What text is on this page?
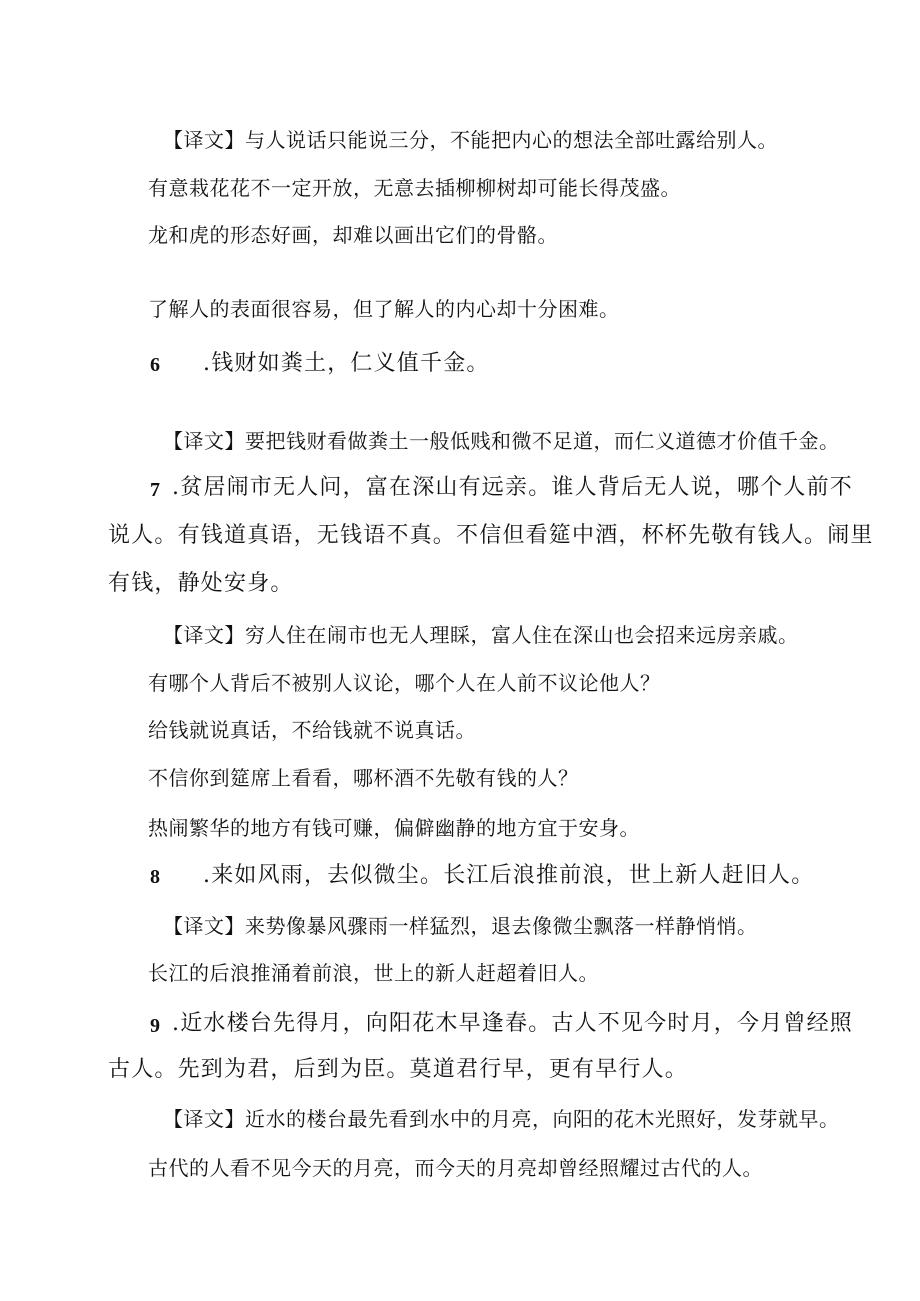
【译文】与人说话只能说三分，不能把内心的想法全部吐露给别人。
有意栽花花不一定开放，无意去插柳柳树却可能长得茂盛。
龙和虎的形态好画，却难以画出它们的骨骼。
了解人的表面很容易，但了解人的内心却十分困难。
6 .钱财如粪土，仁义值千金。
【译文】要把钱财看做粪土一般低贱和微不足道，而仁义道德才价值千金。
7 .贫居闹市无人问，富在深山有远亲。谁人背后无人说，哪个人前不
说人。有钱道真语，无钱语不真。不信但看筵中酒，杯杯先敬有钱人。闹里
有钱，静处安身。
【译文】穷人住在闹市也无人理睬，富人住在深山也会招来远房亲戚。
有哪个人背后不被别人议论，哪个人在人前不议论他人？
给钱就说真话，不给钱就不说真话。
不信你到筵席上看看，哪杯酒不先敬有钱的人？
热闹繁华的地方有钱可赚，偏僻幽静的地方宜于安身。
8 .来如风雨，去似微尘。长江后浪推前浪，世上新人赶旧人。
【译文】来势像暴风骤雨一样猛烈，退去像微尘飘落一样静悄悄。
长江的后浪推涌着前浪，世上的新人赶超着旧人。
9 .近水楼台先得月，向阳花木早逢春。古人不见今时月，今月曾经照
古人。先到为君，后到为臣。莫道君行早，更有早行人。
【译文】近水的楼台最先看到水中的月亮，向阳的花木光照好，发芽就早。
古代的人看不见今天的月亮，而今天的月亮却曾经照耀过古代的人。
